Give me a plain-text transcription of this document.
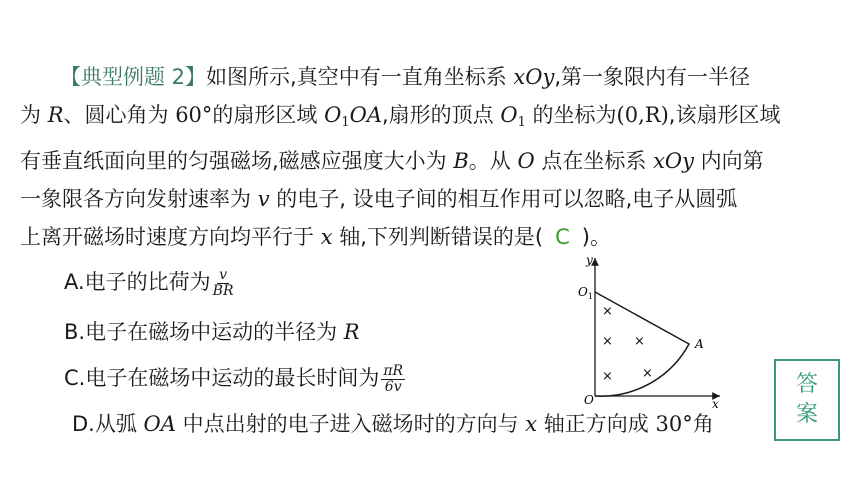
【典型例题 2】如图所示,真空中有一直角坐标系 xOy,第一象限内有一半径
为 R、圆心角为 60°的扇形区域 $O_1OA$,扇形的顶点 $O_1$ 的坐标为(0,R),该扇形区域
有垂直纸面向里的匀强磁场,磁感应强度大小为 B。从 O 点在坐标系 xOy 内向第
一象限各方向发射速率为 v 的电子, 设电子间的相互作用可以忽略,电子从圆弧
上离开磁场时速度方向均平行于 x 轴,下列判断错误的是( C )。
A.电子的比荷为 $\frac{v}{BR}$
B.电子在磁场中运动的半径为 R
C.电子在磁场中运动的最长时间为 $\frac{\pi R}{6v}$
D.从弧 OA 中点出射的电子进入磁场时的方向与 x 轴正方向成 30°角
y
x
O
$O_1$
A
×
× ×
× ×	答
案
